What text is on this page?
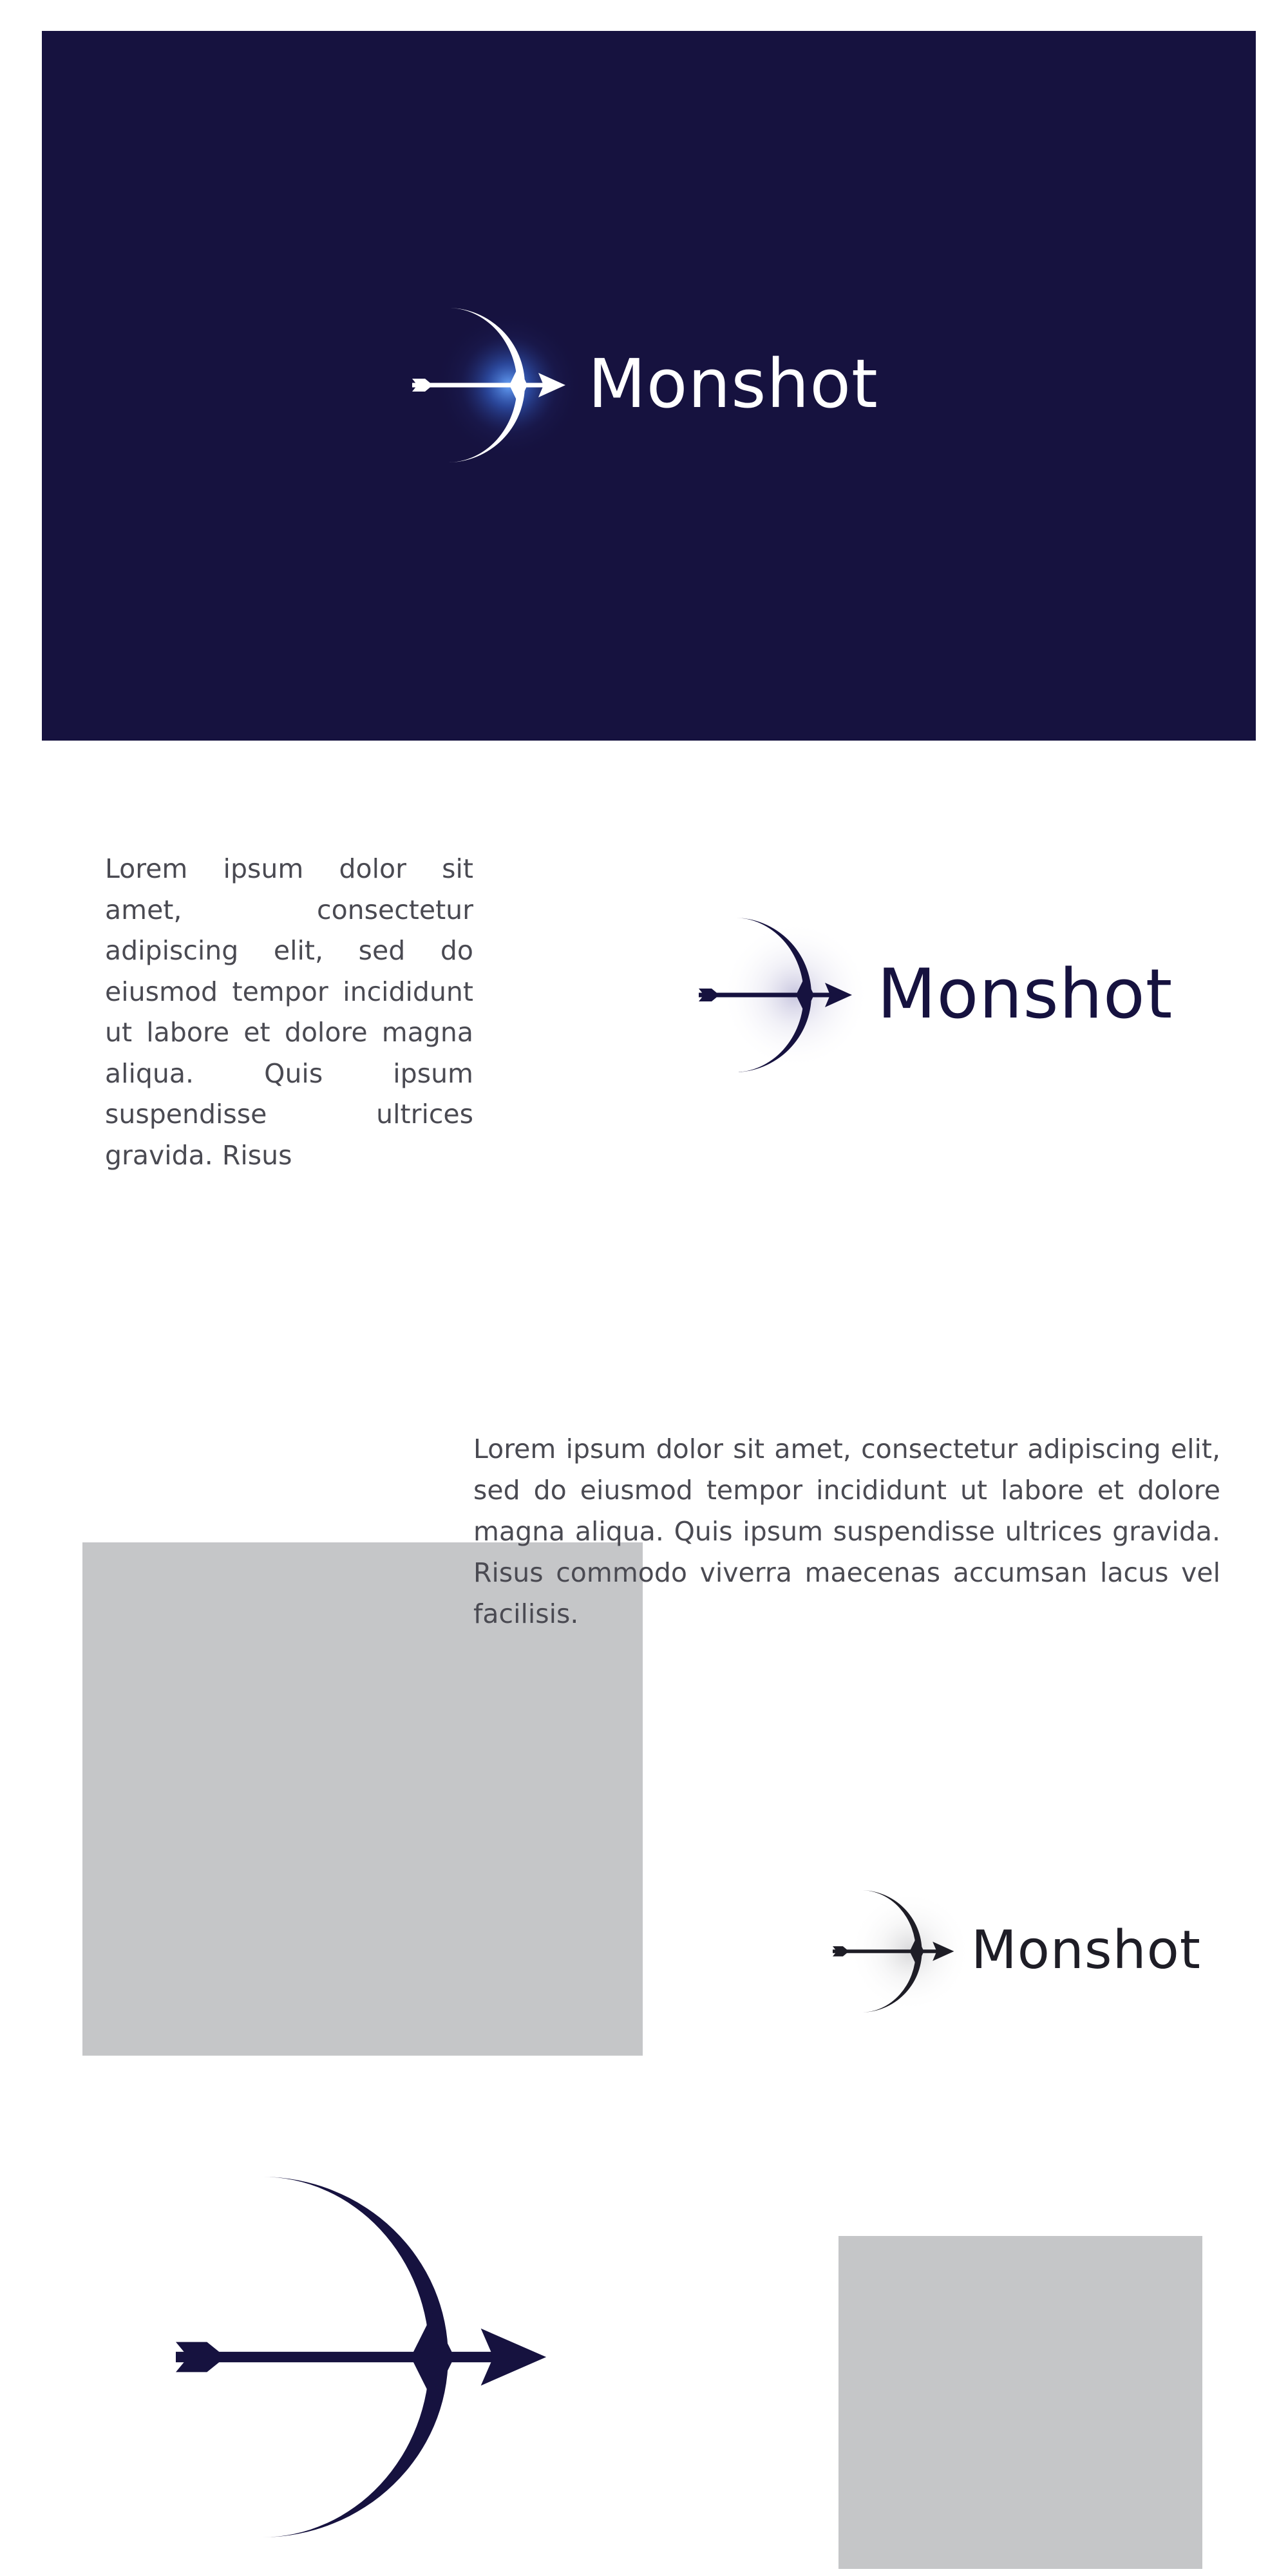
Monshot
Lorem ipsum dolor sit amet, consectetur adipiscing elit, sed do eiusmod tempor incididunt ut labore et dolore magna aliqua. Quis ipsum suspendisse ultrices gravida. Risus
Monshot
Lorem ipsum dolor sit amet, consectetur adipiscing elit, sed do eiusmod tempor incididunt ut labore et dolore magna aliqua. Quis ipsum suspendisse ultrices gravida. Risus commodo viverra maecenas accumsan lacus vel facilisis.
Monshot
